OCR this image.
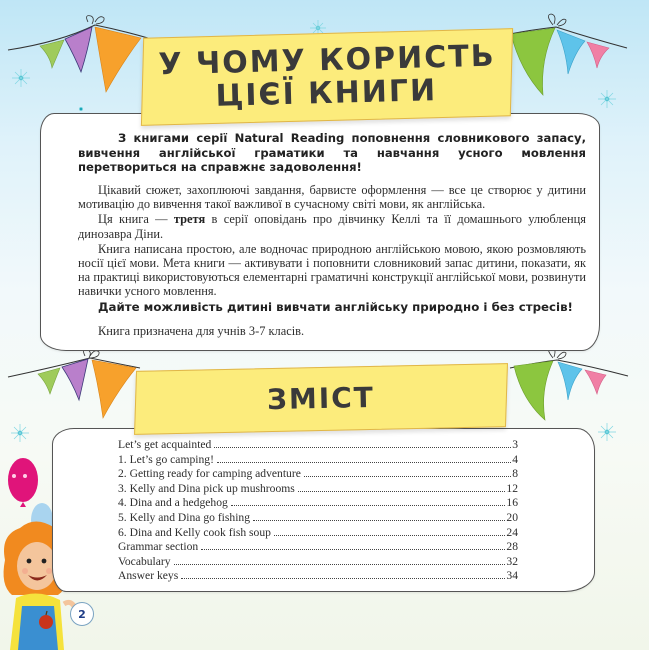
У ЧОМУ КОРИСТЬ
ЦІЄЇ КНИГИ
З книгами серії Natural Reading поповнення словникового запасу, вивчення англійської граматики та навчання усного мовлення перетвориться на справжнє задоволення!

Цікавий сюжет, захоплюючі завдання, барвисте оформлення — все це створює у дитини мотивацію до вивчення такої важливої в сучасному світі мови, як англійська.

Ця книга — третя в серії оповідань про дівчинку Келлі та її домашнього улюбленця динозавра Діни.

Книга написана простою, але водночас природною англійською мовою, якою розмовляють носії цієї мови. Мета книги — активувати і поповнити словниковий запас дитини, показати, як на практиці використовуються елементарні граматичні конструкції англійської мови, розвинути навички усного мовлення.

Дайте можливість дитині вивчати англійську природно і без стресів!
Книга призначена для учнів 3-7 класів.
ЗМІСТ
Let’s get acquainted	3
1. Let’s go camping!	4
2. Getting ready for camping adventure	8
3. Kelly and Dina pick up mushrooms	12
4. Dina and a hedgehog	16
5. Kelly and Dina go fishing	20
6. Dina and Kelly cook fish soup	24
Grammar section	28
Vocabulary	32
Answer keys	34
2
